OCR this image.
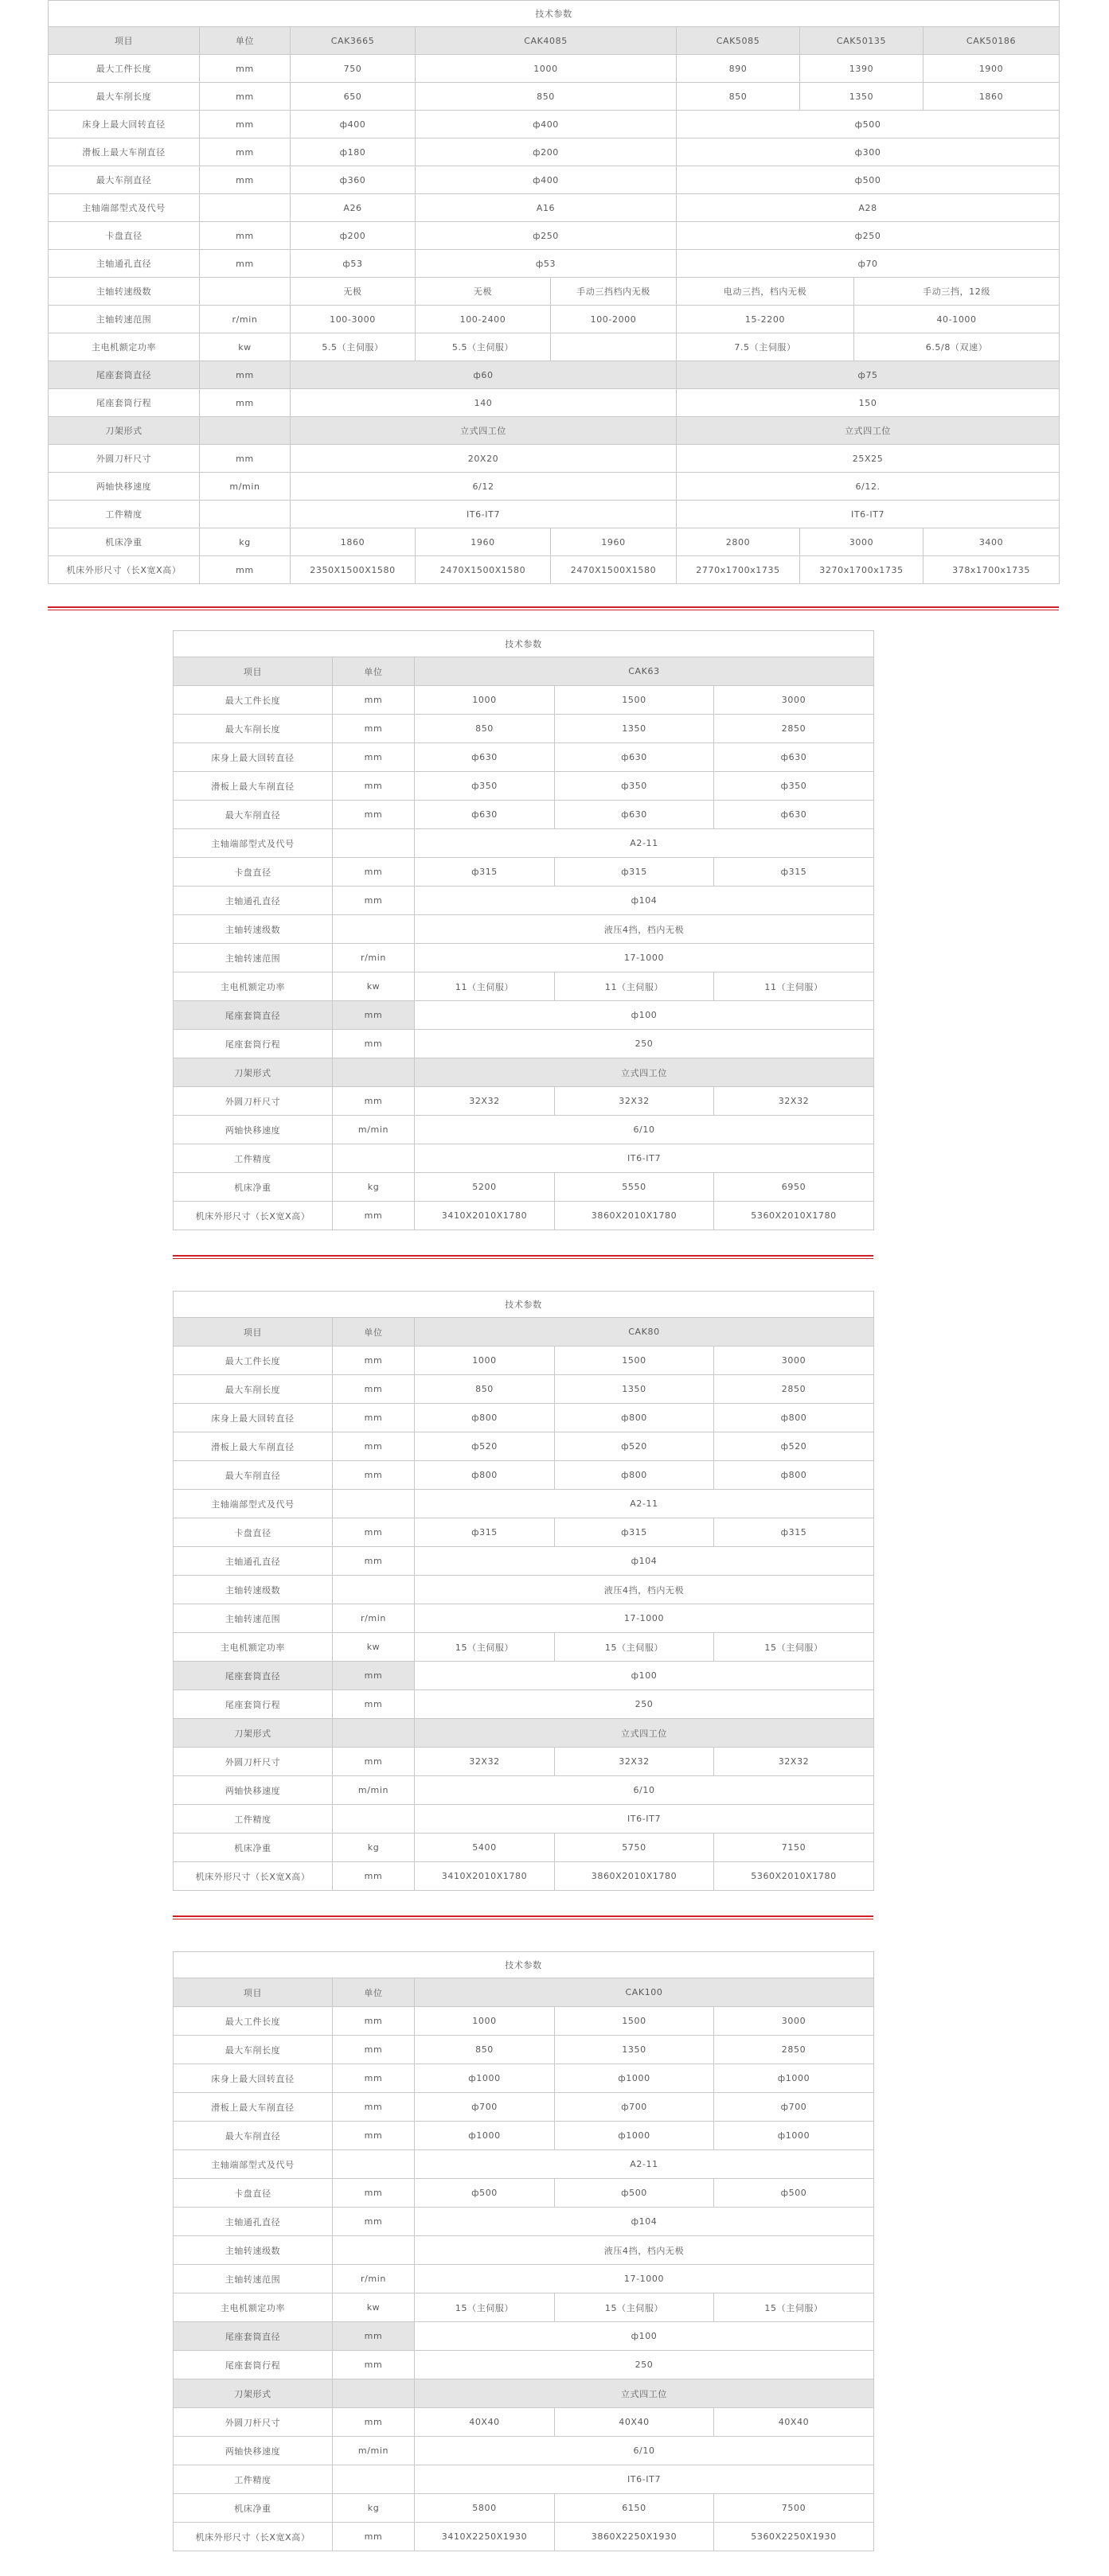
技术参数								
项目	单位	CAK3665	CAK4085		CAK5085	CAK50135		CAK50186
最大工件长度	mm	750	1000		890	1390		1900
最大车削长度	mm	650	850		850	1350		1860
床身上最大回转直径	mm	ф400	ф400		ф500			
滑板上最大车削直径	mm	ф180	ф200		ф300			
最大车削直径	mm	ф360	ф400		ф500			
主轴端部型式及代号		A26	A16		A28			
卡盘直径	mm	ф200	ф250		ф250			
主轴通孔直径	mm	ф53	ф53		ф70			
主轴转速级数		无极	无极	手动三挡档内无极	电动三挡，档内无极		手动三挡，12级	
主轴转速范围	r/min	100-3000	100-2400	100-2000	15-2200		40-1000	
主电机额定功率	kw	5.5（主伺服）	5.5（主伺服）		7.5（主伺服）		6.5/8（双速）	
尾座套筒直径	mm	ф60			ф75			
尾座套筒行程	mm	140			150			
刀架形式		立式四工位			立式四工位			
外圆刀杆尺寸	mm	20X20			25X25			
两轴快移速度	m/min	6/12			6/12.			
工件精度		IT6-IT7			IT6-IT7			
机床净重	kg	1860	1960	1960	2800	3000		3400
机床外形尺寸（长X宽X高）	mm	2350X1500X1580	2470X1500X1580	2470X1500X1580	2770x1700x1735	3270x1700x1735		378x1700x1735
技术参数				
项目	单位	CAK63		
最大工件长度	mm	1000	1500	3000
最大车削长度	mm	850	1350	2850
床身上最大回转直径	mm	ф630	ф630	ф630
滑板上最大车削直径	mm	ф350	ф350	ф350
最大车削直径	mm	ф630	ф630	ф630
主轴端部型式及代号		A2-11		
卡盘直径	mm	ф315	ф315	ф315
主轴通孔直径	mm	ф104		
主轴转速级数		液压4挡，档内无极		
主轴转速范围	r/min	17-1000		
主电机额定功率	kw	11（主伺服）	11（主伺服）	11（主伺服）
尾座套筒直径	mm	ф100		
尾座套筒行程	mm	250		
刀架形式		立式四工位		
外圆刀杆尺寸	mm	32X32	32X32	32X32
两轴快移速度	m/min	6/10		
工件精度		IT6-IT7		
机床净重	kg	5200	5550	6950
机床外形尺寸（长X宽X高）	mm	3410X2010X1780	3860X2010X1780	5360X2010X1780
技术参数				
项目	单位	CAK80		
最大工件长度	mm	1000	1500	3000
最大车削长度	mm	850	1350	2850
床身上最大回转直径	mm	ф800	ф800	ф800
滑板上最大车削直径	mm	ф520	ф520	ф520
最大车削直径	mm	ф800	ф800	ф800
主轴端部型式及代号		A2-11		
卡盘直径	mm	ф315	ф315	ф315
主轴通孔直径	mm	ф104		
主轴转速级数		液压4挡，档内无极		
主轴转速范围	r/min	17-1000		
主电机额定功率	kw	15（主伺服）	15（主伺服）	15（主伺服）
尾座套筒直径	mm	ф100		
尾座套筒行程	mm	250		
刀架形式		立式四工位		
外圆刀杆尺寸	mm	32X32	32X32	32X32
两轴快移速度	m/min	6/10		
工件精度		IT6-IT7		
机床净重	kg	5400	5750	7150
机床外形尺寸（长X宽X高）	mm	3410X2010X1780	3860X2010X1780	5360X2010X1780
技术参数				
项目	单位	CAK100		
最大工件长度	mm	1000	1500	3000
最大车削长度	mm	850	1350	2850
床身上最大回转直径	mm	ф1000	ф1000	ф1000
滑板上最大车削直径	mm	ф700	ф700	ф700
最大车削直径	mm	ф1000	ф1000	ф1000
主轴端部型式及代号		A2-11		
卡盘直径	mm	ф500	ф500	ф500
主轴通孔直径	mm	ф104		
主轴转速级数		液压4挡，档内无极		
主轴转速范围	r/min	17-1000		
主电机额定功率	kw	15（主伺服）	15（主伺服）	15（主伺服）
尾座套筒直径	mm	ф100		
尾座套筒行程	mm	250		
刀架形式		立式四工位		
外圆刀杆尺寸	mm	40X40	40X40	40X40
两轴快移速度	m/min	6/10		
工件精度		IT6-IT7		
机床净重	kg	5800	6150	7500
机床外形尺寸（长X宽X高）	mm	3410X2250X1930	3860X2250X1930	5360X2250X1930
